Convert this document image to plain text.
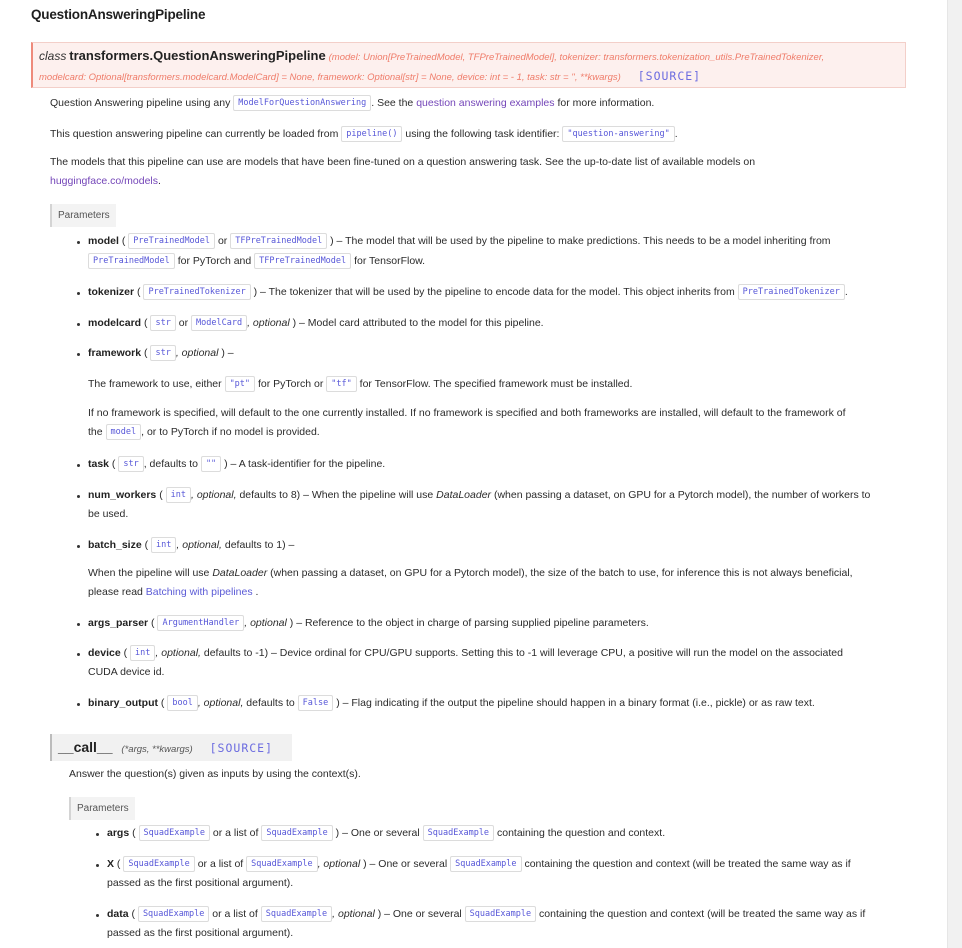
QuestionAnsweringPipeline
class transformers.QuestionAnsweringPipeline (model: Union[PreTrainedModel, TFPreTrainedModel], tokenizer: transformers.tokenization_utils.PreTrainedTokenizer,
modelcard: Optional[transformers.modelcard.ModelCard] = None, framework: Optional[str] = None, device: int = - 1, task: str = '', **kwargs) [SOURCE]

Question Answering pipeline using any ModelForQuestionAnswering . See the question answering examples for more information.

This question answering pipeline can currently be loaded from pipeline() using the following task identifier: "question-answering" .

The models that this pipeline can use are models that have been fine-tuned on a question answering task. See the up-to-date list of available models on
huggingface.co/models.

Parameters

model ( PreTrainedModel or TFPreTrainedModel ) – The model that will be used by the pipeline to make predictions. This needs to be a model inheriting from

PreTrainedModel for PyTorch and TFPreTrainedModel for TensorFlow.

tokenizer ( PreTrainedTokenizer ) – The tokenizer that will be used by the pipeline to encode data for the model. This object inherits from PreTrainedTokenizer .

modelcard ( str or ModelCard , optional ) – Model card attributed to the model for this pipeline.

framework ( str , optional ) –

The framework to use, either "pt" for PyTorch or "tf" for TensorFlow. The specified framework must be installed.

If no framework is specified, will default to the one currently installed. If no framework is specified and both frameworks are installed, will default to the framework of
the model , or to PyTorch if no model is provided.

task ( str , defaults to "" ) – A task-identifier for the pipeline.

num_workers ( int , optional, defaults to 8) – When the pipeline will use DataLoader (when passing a dataset, on GPU for a Pytorch model), the number of workers to
be used.

batch_size ( int , optional, defaults to 1) –

When the pipeline will use DataLoader (when passing a dataset, on GPU for a Pytorch model), the size of the batch to use, for inference this is not always beneficial,
please read Batching with pipelines .

args_parser ( ArgumentHandler , optional ) – Reference to the object in charge of parsing supplied pipeline parameters.

device ( int , optional, defaults to -1) – Device ordinal for CPU/GPU supports. Setting this to -1 will leverage CPU, a positive will run the model on the associated
CUDA device id.

binary_output ( bool , optional, defaults to False ) – Flag indicating if the output the pipeline should happen in a binary format (i.e., pickle) or as raw text.

__call__ (*args, **kwargs) [SOURCE]

Answer the question(s) given as inputs by using the context(s).

Parameters

args ( SquadExample or a list of SquadExample ) – One or several SquadExample containing the question and context.

X ( SquadExample or a list of SquadExample , optional ) – One or several SquadExample containing the question and context (will be treated the same way as if
passed as the first positional argument).

data ( SquadExample or a list of SquadExample , optional ) – One or several SquadExample containing the question and context (will be treated the same way as if
passed as the first positional argument).
